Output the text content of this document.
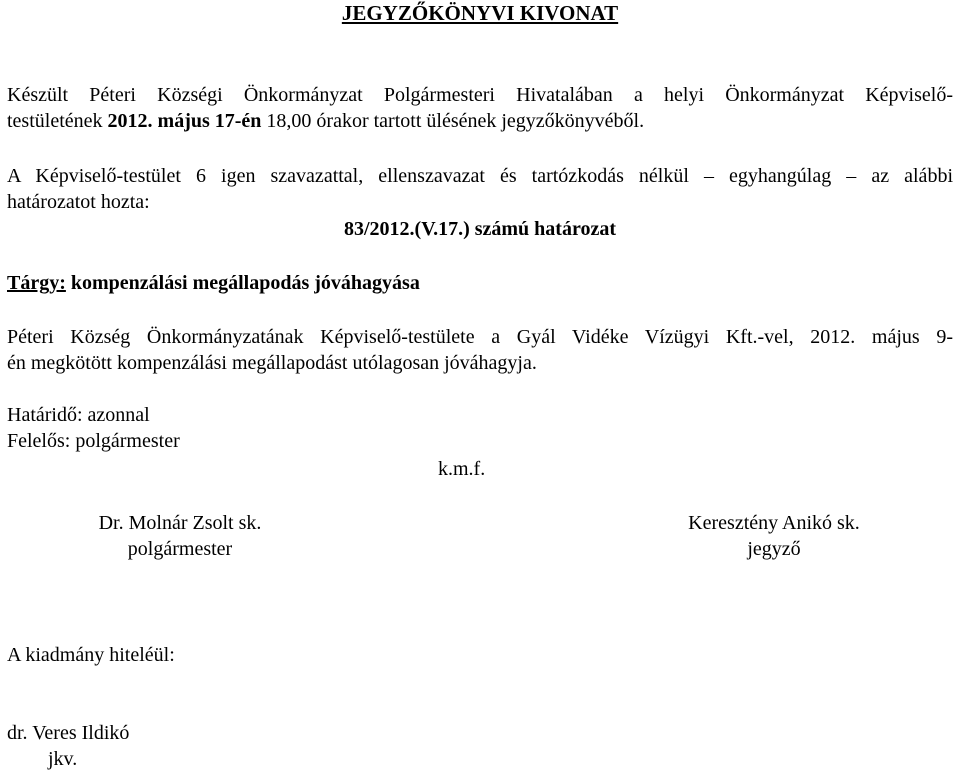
JEGYZŐKÖNYVI KIVONAT
Készült Péteri Községi Önkormányzat Polgármesteri Hivatalában a helyi Önkormányzat Képviselő-
testületének 2012. május 17-én 18,00 órakor tartott ülésének jegyzőkönyvéből.
A Képviselő-testület 6 igen szavazattal, ellenszavazat és tartózkodás nélkül – egyhangúlag – az alábbi
határozatot hozta:
83/2012.(V.17.) számú határozat
Tárgy: kompenzálási megállapodás jóváhagyása
Péteri Község Önkormányzatának Képviselő-testülete a Gyál Vidéke Vízügyi Kft.-vel, 2012. május 9-
én megkötött kompenzálási megállapodást utólagosan jóváhagyja.
Határidő: azonnal
Felelős: polgármester
k.m.f.
Dr. Molnár Zsolt sk.
polgármester
Keresztény Anikó sk.
jegyző
A kiadmány hiteléül:
dr. Veres Ildikó
jkv.
